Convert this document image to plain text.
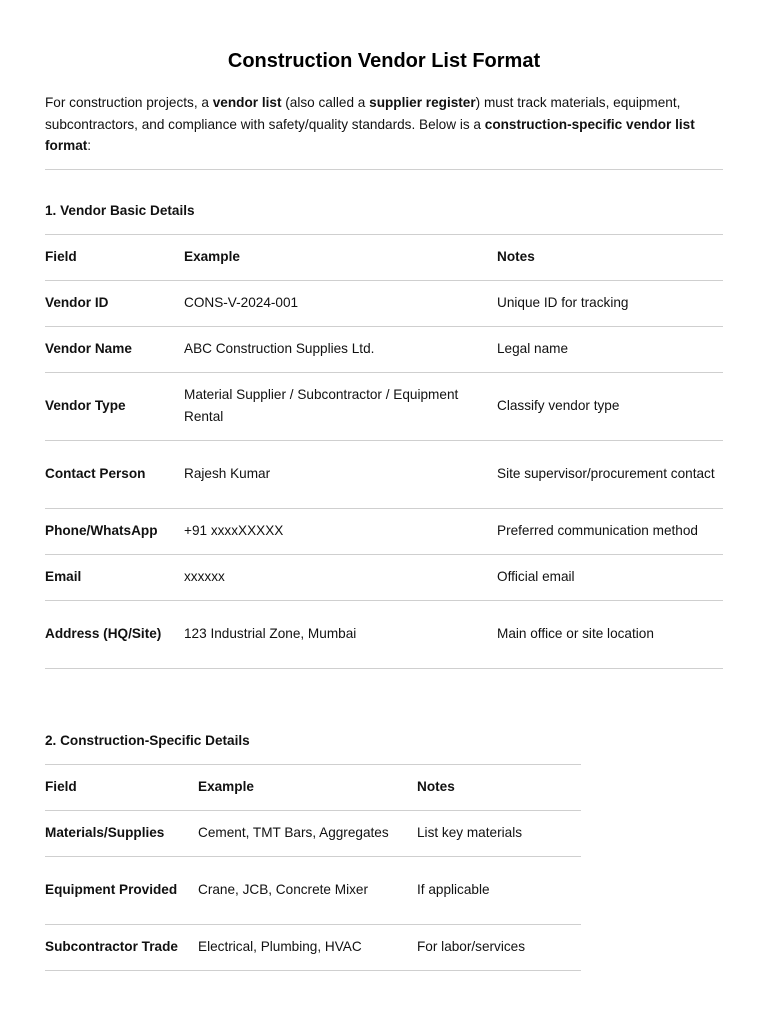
Construction Vendor List Format

For construction projects, a vendor list (also called a supplier register) must track materials, equipment, subcontractors, and compliance with safety/quality standards. Below is a construction-specific vendor list format:

1. Vendor Basic Details
Field	Example	Notes
Vendor ID	CONS-V-2024-001	Unique ID for tracking
Vendor Name	ABC Construction Supplies Ltd.	Legal name
Vendor Type	Material Supplier / Subcontractor / Equipment Rental	Classify vendor type
Contact Person	Rajesh Kumar	Site supervisor/procurement contact
Phone/WhatsApp	+91 xxxxXXXXX	Preferred communication method
Email	xxxxxx	Official email
Address (HQ/Site)	123 Industrial Zone, Mumbai	Main office or site location
2. Construction-Specific Details
Field	Example	Notes
Materials/Supplies	Cement, TMT Bars, Aggregates	List key materials
Equipment Provided	Crane, JCB, Concrete Mixer	If applicable
Subcontractor Trade	Electrical, Plumbing, HVAC	For labor/services
